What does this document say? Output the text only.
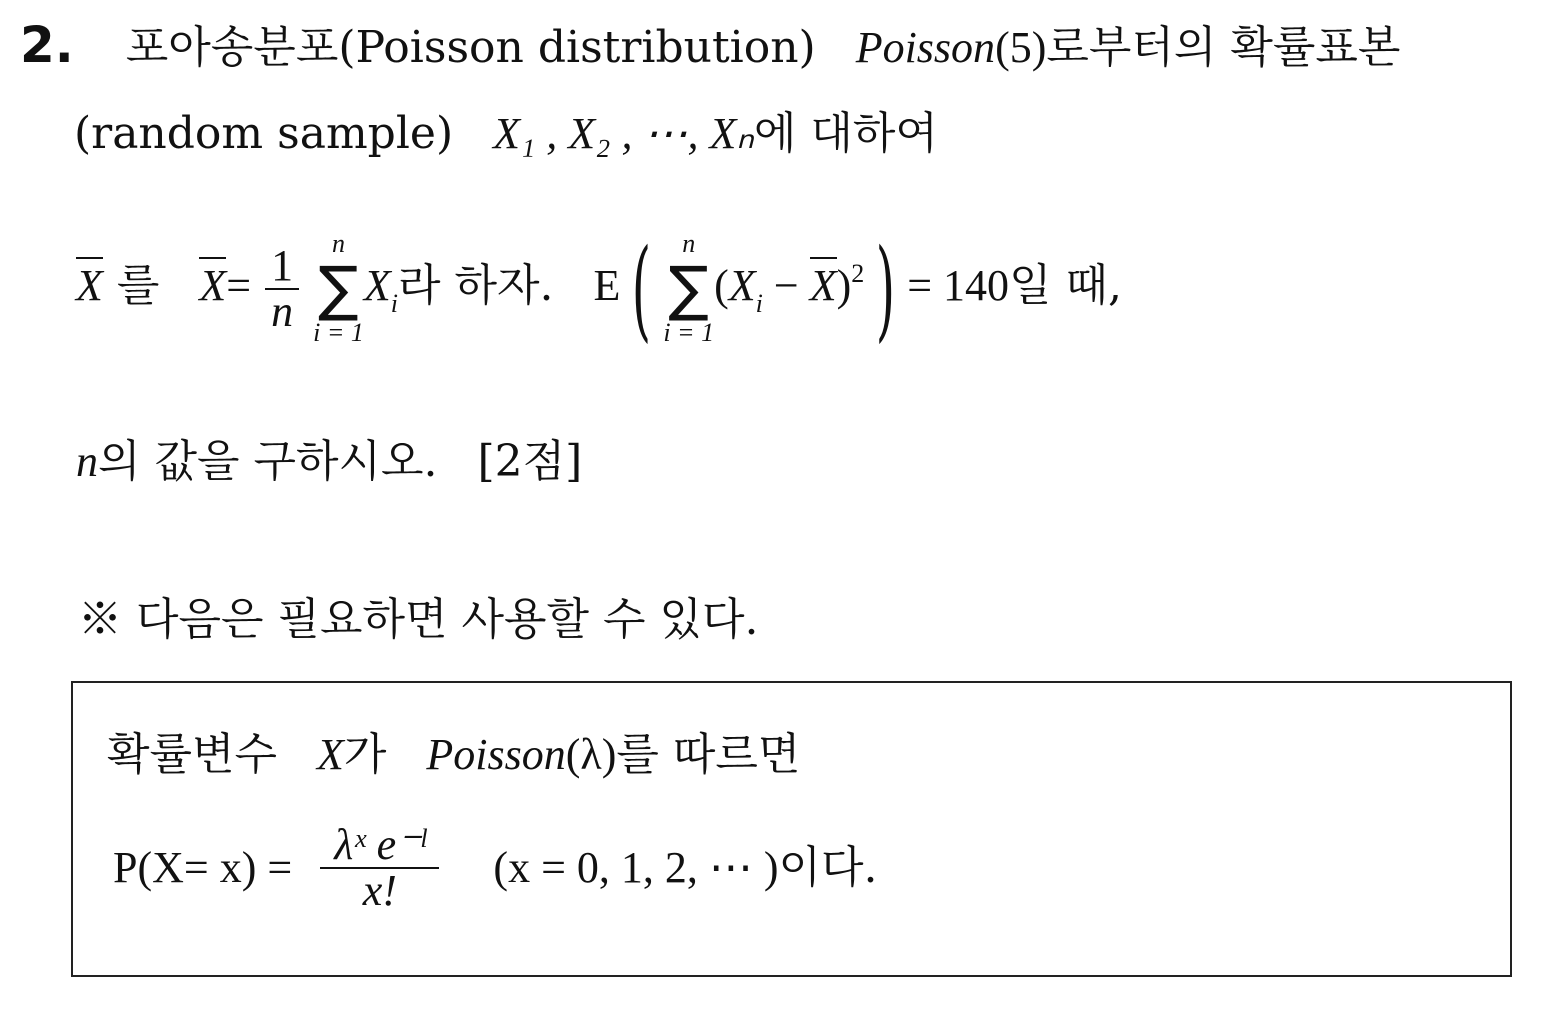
2. 포아송분포(Poisson distribution) Poisson(5)로부터의 확률표본
(random sample) X₁ , X₂ , ⋯, Xₙ에 대하여
X 를 $X= \frac{1}{n}$

n
∑
i = 1
$X_i$라 하자. E (	n
∑
i = 1
$(X_i - X)^2$ ) = 140일 때,
n의 값을 구하시오. [2점]
※ 다음은 필요하면 사용할 수 있다.
확률변수 X가 Poisson(λ)를 따르면
$P(X= x) = \frac{\text{λˣ e⁻ˡ}}{x!} (x = 0$, 1, 2, ⋯ )이다.
